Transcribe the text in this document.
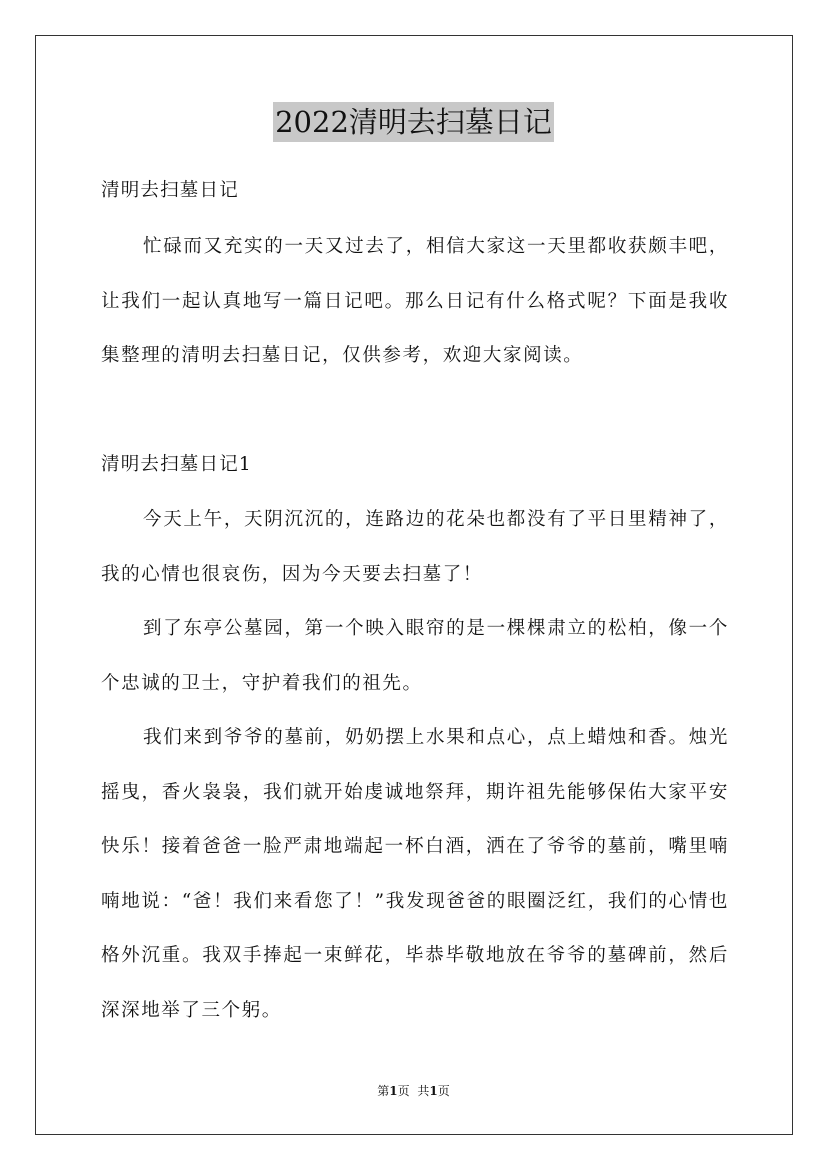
2022清明去扫墓日记

清明去扫墓日记

忙碌而又充实的一天又过去了，相信大家这一天里都收获颇丰吧，让我们一起认真地写一篇日记吧。那么日记有什么格式呢？下面是我收集整理的清明去扫墓日记，仅供参考，欢迎大家阅读。

清明去扫墓日记1

今天上午，天阴沉沉的，连路边的花朵也都没有了平日里精神了，我的心情也很哀伤，因为今天要去扫墓了！

到了东亭公墓园，第一个映入眼帘的是一棵棵肃立的松柏，像一个个忠诚的卫士，守护着我们的祖先。

我们来到爷爷的墓前，奶奶摆上水果和点心，点上蜡烛和香。烛光摇曳，香火袅袅，我们就开始虔诚地祭拜，期许祖先能够保佑大家平安快乐！接着爸爸一脸严肃地端起一杯白酒，洒在了爷爷的墓前，嘴里喃喃地说：“爸！我们来看您了！”我发现爸爸的眼圈泛红，我们的心情也格外沉重。我双手捧起一束鲜花，毕恭毕敬地放在爷爷的墓碑前，然后深深地举了三个躬。

第1页 共1页
